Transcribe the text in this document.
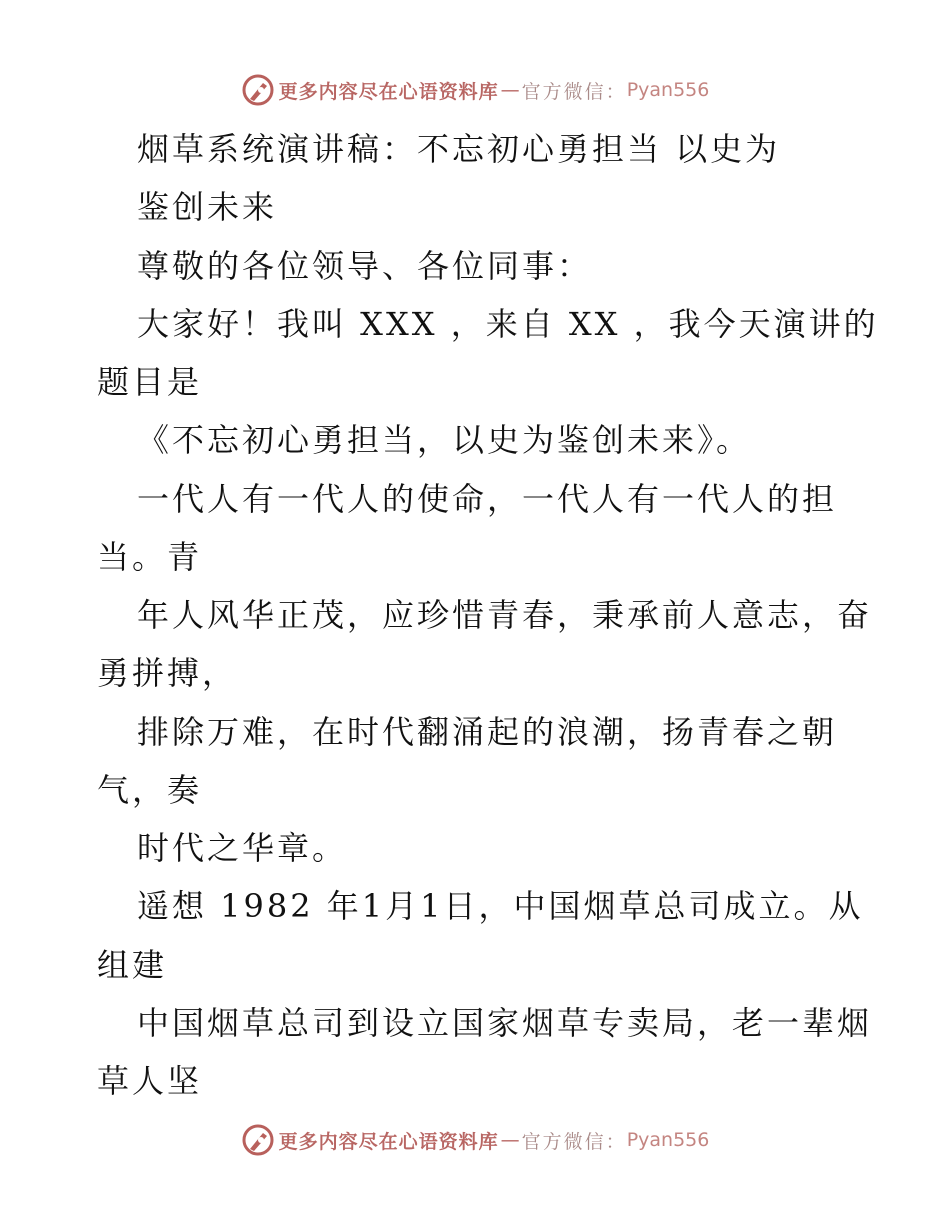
更多内容尽在心语资料库 — 官方微信： Pyan556
烟草系统演讲稿：不忘初心勇担当 以史为
鉴创未来
尊敬的各位领导、各位同事：
大家好！我叫 XXX ，来自 XX ，我今天演讲的
题目是
《不忘初心勇担当，以史为鉴创未来》。
一代人有一代人的使命，一代人有一代人的担
当。青
年人风华正茂，应珍惜青春，秉承前人意志，奋
勇拼搏，
排除万难，在时代翻涌起的浪潮，扬青春之朝
气，奏
时代之华章。
遥想 1982 年1月1日，中国烟草总司成立。从
组建
中国烟草总司到设立国家烟草专卖局，老一辈烟
草人坚
更多内容尽在心语资料库 — 官方微信： Pyan556
